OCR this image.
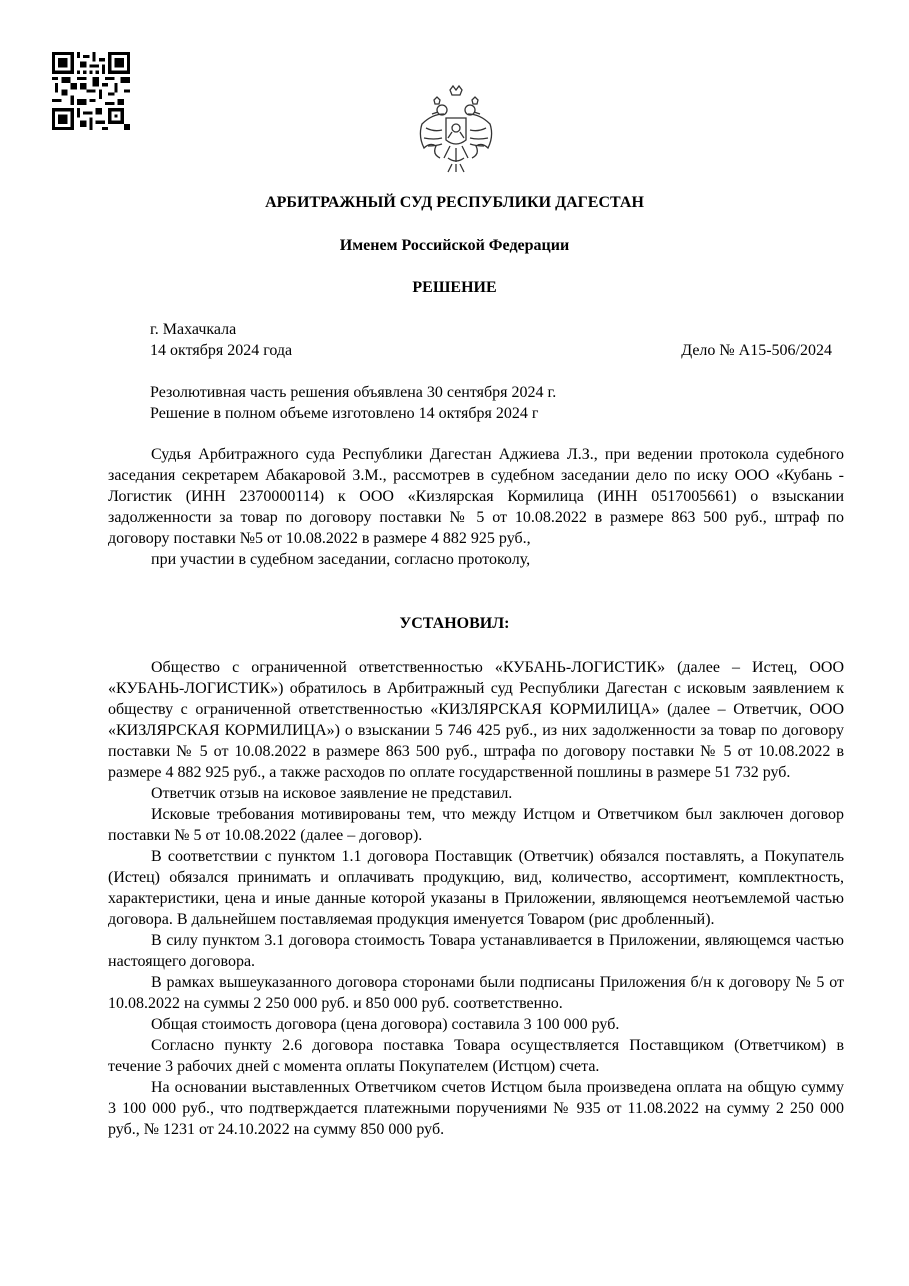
АРБИТРАЖНЫЙ СУД РЕСПУБЛИКИ ДАГЕСТАН
Именем Российской Федерации
РЕШЕНИЕ
г. Махачкала
14 октября 2024 года	Дело № А15-506/2024
Резолютивная часть решения объявлена 30 сентября 2024 г.
Решение в полном объеме изготовлено 14 октября 2024 г

Судья Арбитражного суда Республики Дагестан Аджиева Л.З., при ведении протокола судебного заседания секретарем Абакаровой З.М., рассмотрев в судебном заседании дело по иску ООО «Кубань - Логистик (ИНН 2370000114) к ООО «Кизлярская Кормилица (ИНН 0517005661) о взыскании задолженности за товар по договору поставки № 5 от 10.08.2022 в размере 863 500 руб., штраф по договору поставки №5 от 10.08.2022 в размере 4 882 925 руб.,

при участии в судебном заседании, согласно протоколу,

УСТАНОВИЛ:

Общество с ограниченной ответственностью «КУБАНЬ-ЛОГИСТИК» (далее – Истец, ООО «КУБАНЬ-ЛОГИСТИК») обратилось в Арбитражный суд Республики Дагестан с исковым заявлением к обществу с ограниченной ответственностью «КИЗЛЯРСКАЯ КОРМИЛИЦА» (далее – Ответчик, ООО «КИЗЛЯРСКАЯ КОРМИЛИЦА») о взыскании 5 746 425 руб., из них задолженности за товар по договору поставки № 5 от 10.08.2022 в размере 863 500 руб., штрафа по договору поставки № 5 от 10.08.2022 в размере 4 882 925 руб., а также расходов по оплате государственной пошлины в размере 51 732 руб.

Ответчик отзыв на исковое заявление не представил.

Исковые требования мотивированы тем, что между Истцом и Ответчиком был заключен договор поставки № 5 от 10.08.2022 (далее – договор).

В соответствии с пунктом 1.1 договора Поставщик (Ответчик) обязался поставлять, а Покупатель (Истец) обязался принимать и оплачивать продукцию, вид, количество, ассортимент, комплектность, характеристики, цена и иные данные которой указаны в Приложении, являющемся неотъемлемой частью договора. В дальнейшем поставляемая продукция именуется Товаром (рис дробленный).

В силу пунктом 3.1 договора стоимость Товара устанавливается в Приложении, являющемся частью настоящего договора.

В рамках вышеуказанного договора сторонами были подписаны Приложения б/н к договору № 5 от 10.08.2022 на суммы 2 250 000 руб. и 850 000 руб. соответственно.

Общая стоимость договора (цена договора) составила 3 100 000 руб.

Согласно пункту 2.6 договора поставка Товара осуществляется Поставщиком (Ответчиком) в течение 3 рабочих дней с момента оплаты Покупателем (Истцом) счета.

На основании выставленных Ответчиком счетов Истцом была произведена оплата на общую сумму 3 100 000 руб., что подтверждается платежными поручениями № 935 от 11.08.2022 на сумму 2 250 000 руб., № 1231 от 24.10.2022 на сумму 850 000 руб.
